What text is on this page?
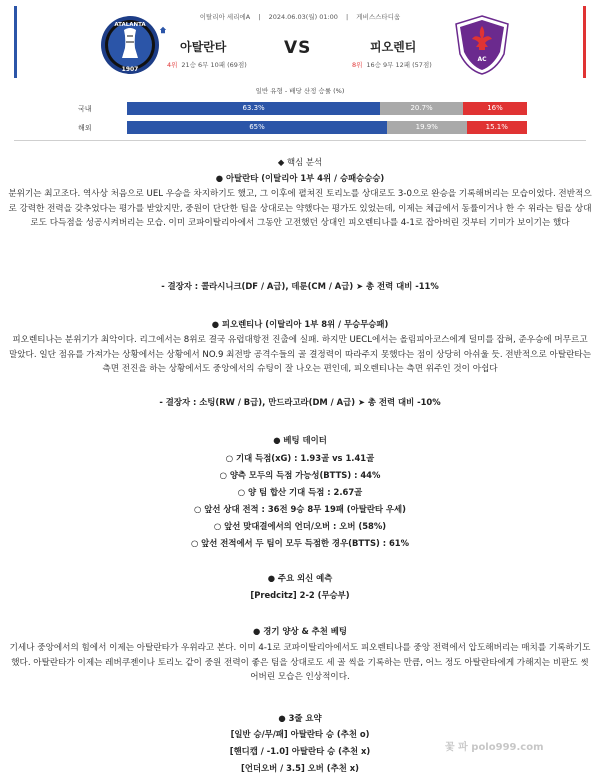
이탈리아 세리에A | 2024.06.03(월) 01:00 | 게비스스타디움
ATALANTA
1907
아탈란타	VS	피오렌티
4위 21승 6무 10패 (69점)	8위 16승 9무 12패 (57점)
AC
일반 유형 - 배당 산정 승률 (%)
국내	63.3%	20.7%	16%
해외	65%	19.9%	15.1%
◆ 핵심 분석
● 아탈란타 (이탈리아 1부 4위 / 승패승승승)
분위기는 최고조다. 역사상 처음으로 UEL 우승을 차지하기도 했고, 그 이후에 펼쳐진 토리노를 상대로도 3-0으로 완승을 기록해버리는 모습이었다. 전반적으로 강력한 전력을 갖추었다는 평가를 받았지만, 중원이 단단한 팀을 상대로는 약했다는 평가도 있었는데, 이제는 체급에서 동률이거나 한 수 위라는 팀을 상대로도 다득점을 성공시켜버리는 모습. 이미 코파이탈리아에서 그동안 고전했던 상대인 피오렌티나를 4-1로 잡아버린 것부터 기미가 보이기는 했다
- 결장자 : 콜라시니크(DF / A급), 데룬(CM / A급) ➤ 총 전력 대비 -11%
● 피오렌티나 (이탈리아 1부 8위 / 무승무승패)
피오렌티나는 분위기가 최악이다. 리그에서는 8위로 결국 유럽대항전 진출에 실패. 하지만 UECL에서는 올림피아코스에게 덜미를 잡혀, 준우승에 머무르고 말았다. 일단 점유를 가져가는 상황에서는 상황에서 NO.9 최전방 공격수들의 골 결정력이 따라주지 못했다는 점이 상당히 아쉬울 듯. 전반적으로 아탈란타는 측면 전진을 하는 상황에서도 중앙에서의 슈팅이 잘 나오는 편인데, 피오렌티나는 측면 위주인 것이 아쉽다
- 결장자 : 소팅(RW / B급), 만드라고라(DM / A급) ➤ 총 전력 대비 -10%
● 베팅 데이터
○ 기대 득점(xG) : 1.93골 vs 1.41골
○ 양측 모두의 득점 가능성(BTTS) : 44%
○ 양 팀 합산 기대 득점 : 2.67골
○ 앞선 상대 전적 : 36전 9승 8무 19패 (아탈란타 우세)
○ 앞선 맞대결에서의 언더/오버 : 오버 (58%)
○ 앞선 전적에서 두 팀이 모두 득점한 경우(BTTS) : 61%
● 주요 외신 예측
[Predcitz] 2-2 (무승부)
● 경기 양상 & 추천 베팅
기세나 중앙에서의 힘에서 이제는 아탈란타가 우위라고 본다. 이미 4-1로 코파이탈리아에서도 피오렌티나를 중앙 전력에서 압도해버리는 매치를 기록하기도 했다. 아탈란타가 이제는 레버쿠젠이나 토리노 같이 중원 전력이 좋은 팀을 상대로도 세 골 씩을 기록하는 만큼, 어느 정도 아탈란타에게 가해지는 비판도 씻어버린 모습은 인상적이다.
● 3줄 요약
[일반 승/무/패] 아탈란타 승 (추천 o)
[핸디캡 / -1.0] 아탈란타 승 (추천 x)
[언더오버 / 3.5] 오버 (추천 x)
꽃 파 polo999.com
